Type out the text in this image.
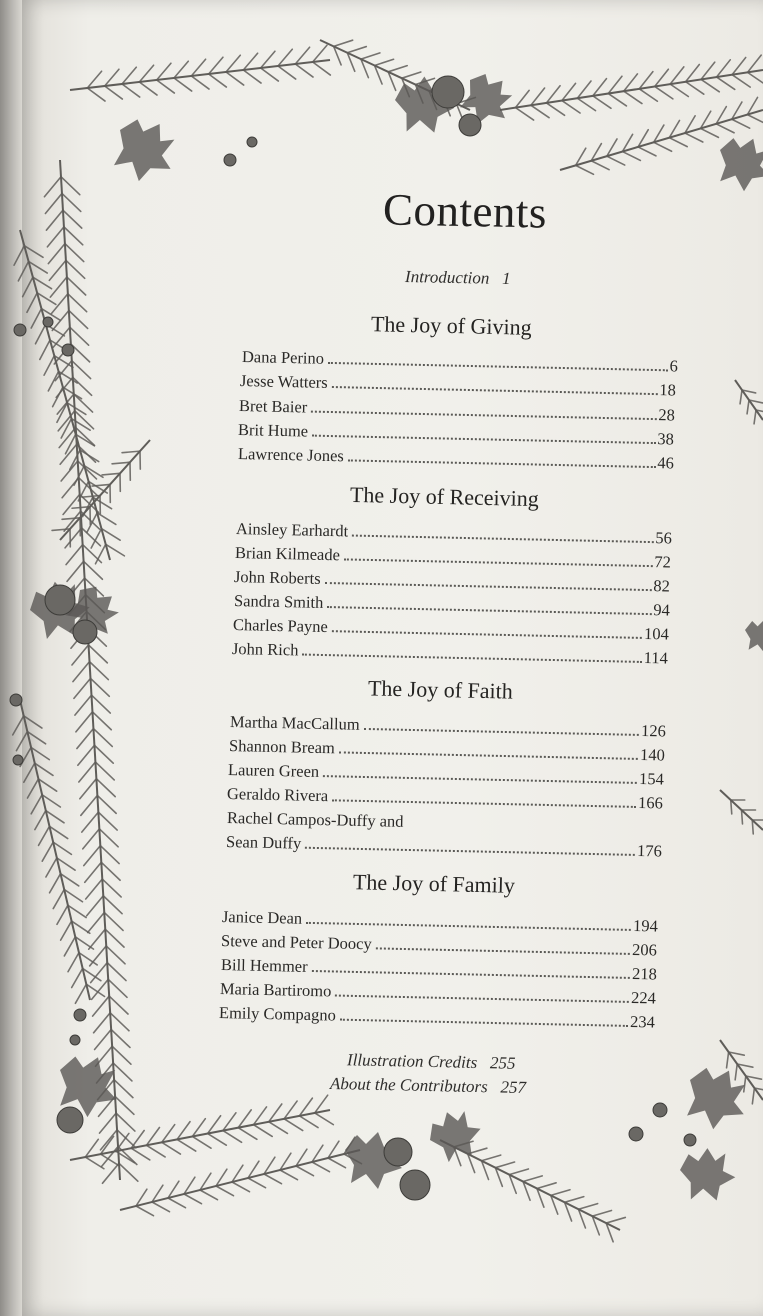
Contents
Introduction 1
The Joy of Giving
Dana Perino	6
Jesse Watters	18
Bret Baier	28
Brit Hume	38
Lawrence Jones	46
The Joy of Receiving
Ainsley Earhardt	56
Brian Kilmeade	72
John Roberts	82
Sandra Smith	94
Charles Payne	104
John Rich	114
The Joy of Faith
Martha MacCallum	126
Shannon Bream	140
Lauren Green	154
Geraldo Rivera	166
Rachel Campos-Duffy and
Sean Duffy	176
The Joy of Family
Janice Dean	194
Steve and Peter Doocy	206
Bill Hemmer	218
Maria Bartiromo	224
Emily Compagno	234
Illustration Credits 255
About the Contributors 257
